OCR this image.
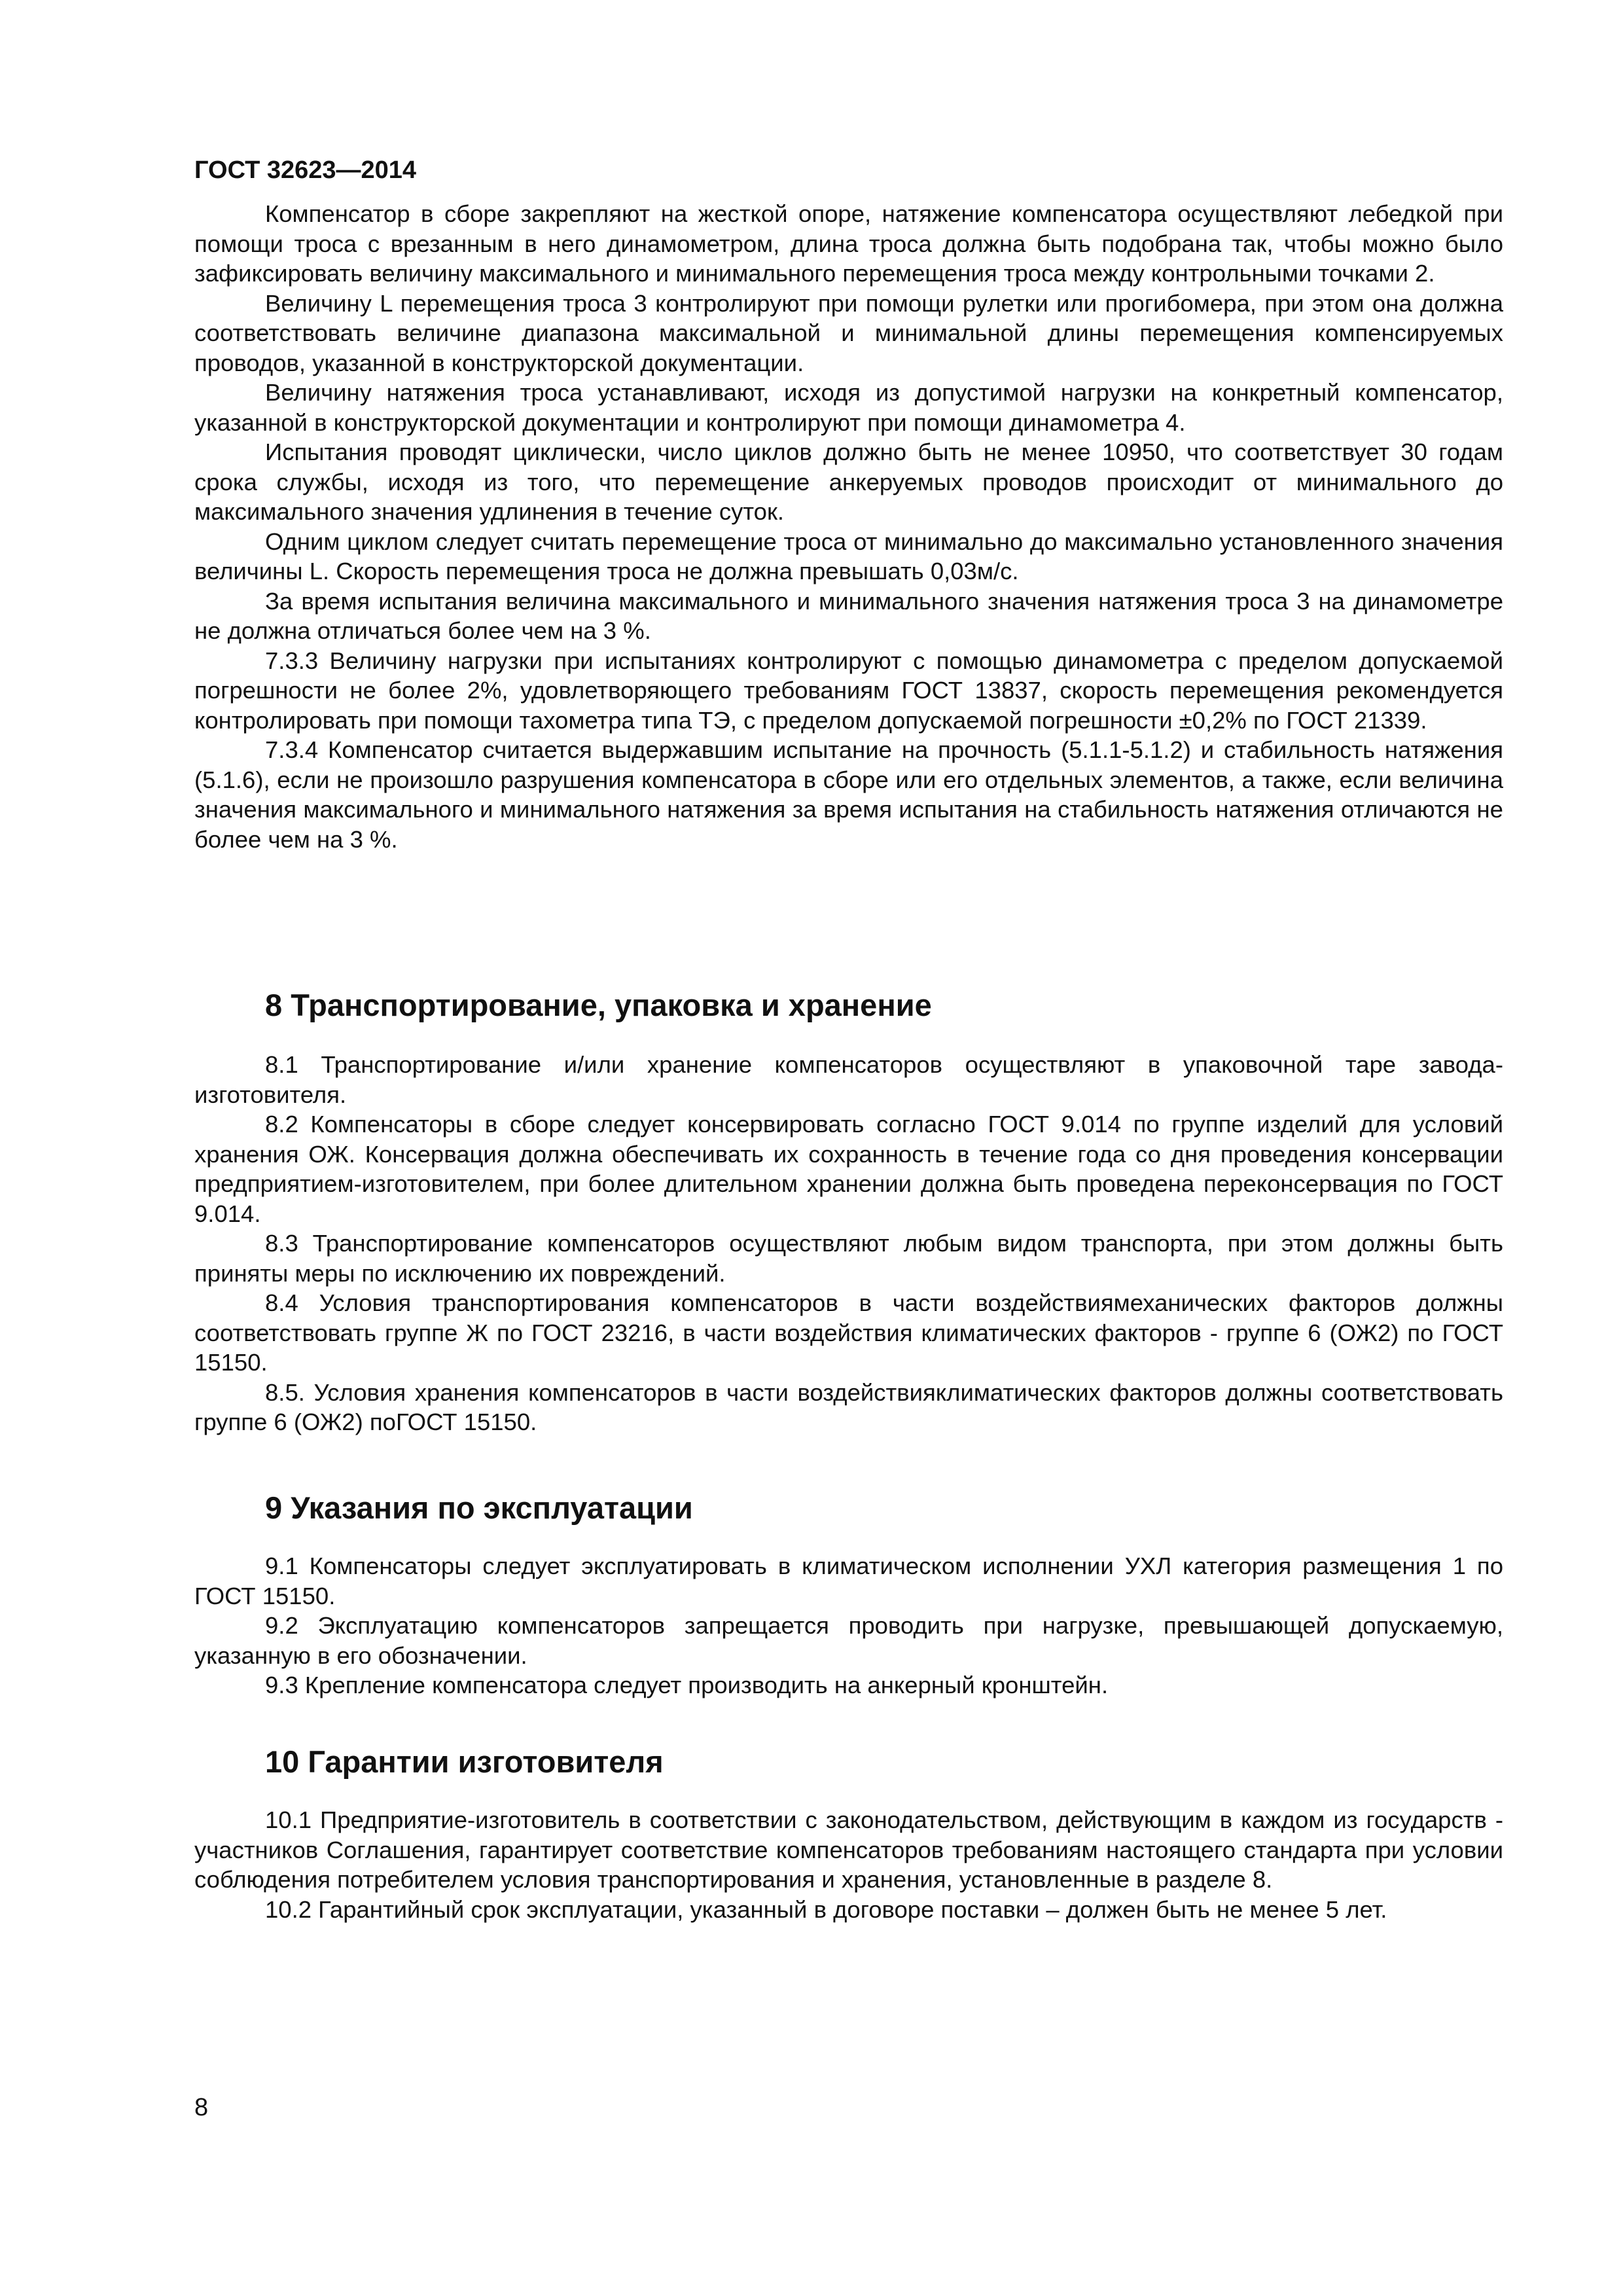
ГОСТ 32623—2014

Компенсатор в сборе закрепляют на жесткой опоре, натяжение компенсатора осуществляют лебедкой при помощи троса с врезанным в него динамометром, длина троса должна быть подобрана так, чтобы можно было зафиксировать величину максимального и минимального перемещения троса между контрольными точками 2.

Величину L перемещения троса 3 контролируют при помощи рулетки или прогибомера, при этом она должна соответствовать величине диапазона максимальной и минимальной длины перемещения компенсируемых проводов, указанной в конструкторской документации.

Величину натяжения троса устанавливают, исходя из допустимой нагрузки на конкретный компенсатор, указанной в конструкторской документации и контролируют при помощи динамометра 4.

Испытания проводят циклически, число циклов должно быть не менее 10950, что соответствует 30 годам срока службы, исходя из того, что перемещение анкеруемых проводов происходит от минимального до максимального значения удлинения в течение суток.

Одним циклом следует считать перемещение троса от минимально до максимально установленного значения величины L. Скорость перемещения троса не должна превышать 0,03м/с.

За время испытания величина максимального и минимального значения натяжения троса 3 на динамометре не должна отличаться более чем на 3 %.

7.3.3 Величину нагрузки при испытаниях контролируют с помощью динамометра с пределом допускаемой погрешности не более 2%, удовлетворяющего требованиям ГОСТ 13837, скорость перемещения рекомендуется контролировать при помощи тахометра типа ТЭ, с пределом допускаемой погрешности ±0,2% по ГОСТ 21339.

7.3.4 Компенсатор считается выдержавшим испытание на прочность (5.1.1-5.1.2) и стабильность натяжения (5.1.6), если не произошло разрушения компенсатора в сборе или его отдельных элементов, а также, если величина значения максимального и минимального натяжения за время испытания на стабильность натяжения отличаются не более чем на 3 %.

8 Транспортирование, упаковка и хранение

8.1 Транспортирование и/или хранение компенсаторов осуществляют в упаковочной таре завода-изготовителя.

8.2 Компенсаторы в сборе следует консервировать согласно ГОСТ 9.014 по группе изделий для условий хранения ОЖ. Консервация должна обеспечивать их сохранность в течение года со дня проведения консервации предприятием-изготовителем, при более длительном хранении должна быть проведена переконсервация по ГОСТ 9.014.

8.3 Транспортирование компенсаторов осуществляют любым видом транспорта, при этом должны быть приняты меры по исключению их повреждений.

8.4 Условия транспортирования компенсаторов в части воздействиямеханических факторов должны соответствовать группе Ж по ГОСТ 23216, в части воздействия климатических факторов - группе 6 (ОЖ2) по ГОСТ 15150.

8.5. Условия хранения компенсаторов в части воздействияклиматических факторов должны соответствовать группе 6 (ОЖ2) поГОСТ 15150.

9 Указания по эксплуатации

9.1 Компенсаторы следует эксплуатировать в климатическом исполнении УХЛ категория размещения 1 по ГОСТ 15150.

9.2 Эксплуатацию компенсаторов запрещается проводить при нагрузке, превышающей допускаемую, указанную в его обозначении.

9.3 Крепление компенсатора следует производить на анкерный кронштейн.

10 Гарантии изготовителя

10.1 Предприятие-изготовитель в соответствии с законодательством, действующим в каждом из государств - участников Соглашения, гарантирует соответствие компенсаторов требованиям настоящего стандарта при условии соблюдения потребителем условия транспортирования и хранения, установленные в разделе 8.

10.2 Гарантийный срок эксплуатации, указанный в договоре поставки – должен быть не менее 5 лет.

8
